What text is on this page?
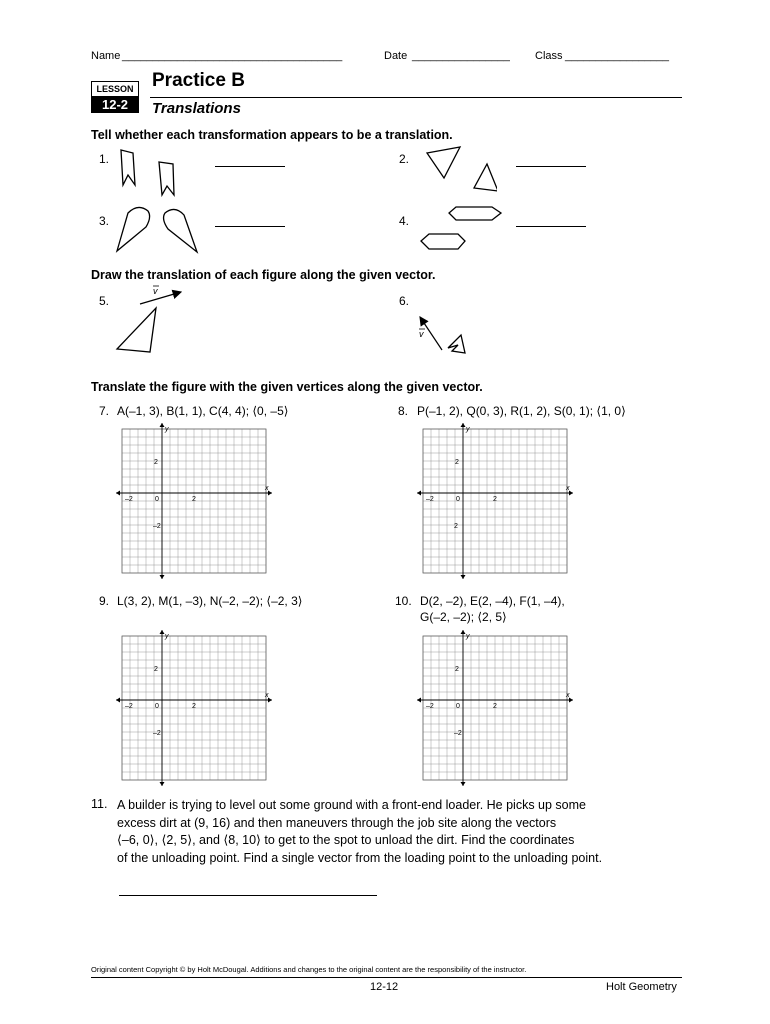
Name ____________________________________	Date ________________ Class _________________
LESSON
12-2
Practice B
Translations
Tell whether each transformation appears to be a translation.
1.	2.
3.	4.
Draw the translation of each figure along the given vector.
5.
v
6.
v
Translate the figure with the given vertices along the given vector.
7. A(–1, 3), B(1, 1), C(4, 4); ⟨0, –5⟩	8. P(–1, 2), Q(0, 3), R(1, 2), S(0, 1); ⟨1, 0⟩
y
x
–2	2
0
2
–2
y
x
–2	2
0
2
2
9. L(3, 2), M(1, –3), N(–2, –2); ⟨–2, 3⟩	10. D(2, –2), E(2, –4), F(1, –4),
G(–2, –2); ⟨2, 5⟩
y
x
–2	2
0
2
–2
y
x
–2	2
0
2
–2
11. A builder is trying to level out some ground with a front-end loader. He picks up some
excess dirt at (9, 16) and then maneuvers through the job site along the vectors
⟨–6, 0⟩, ⟨2, 5⟩, and ⟨8, 10⟩ to get to the spot to unload the dirt. Find the coordinates
of the unloading point. Find a single vector from the loading point to the unloading point.
Original content Copyright © by Holt McDougal. Additions and changes to the original content are the responsibility of the instructor.
12-12	Holt Geometry
